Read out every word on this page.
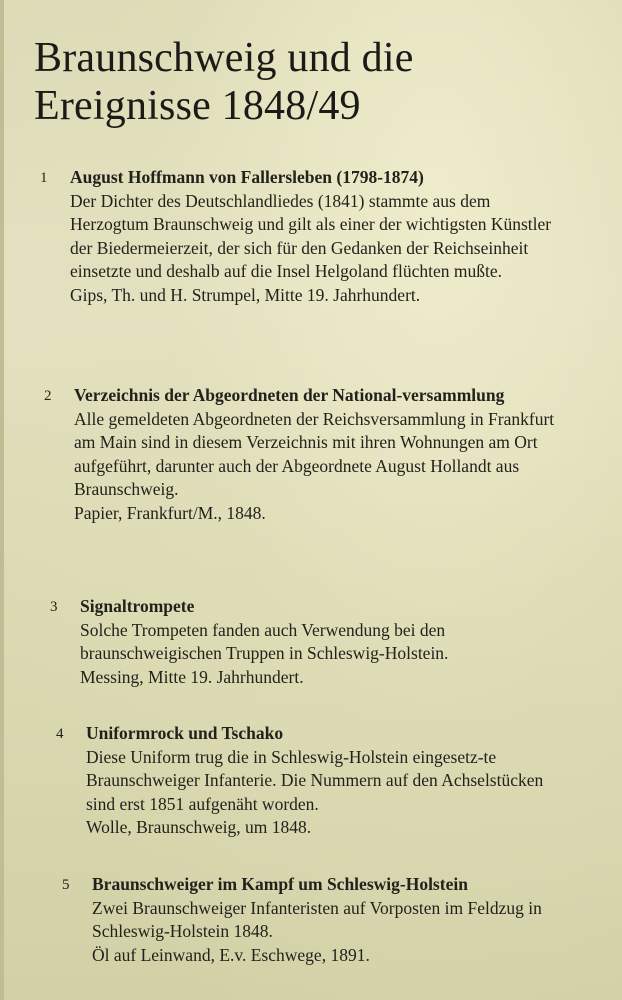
Braunschweig und die
Ereignisse 1848/49
1 August Hoffmann von Fallersleben (1798-1874)
Der Dichter des Deutschlandliedes (1841) stammte aus dem Herzogtum Braunschweig und gilt als einer der wichtigsten Künstler der Biedermeierzeit, der sich für den Gedanken der Reichseinheit einsetzte und deshalb auf die Insel Helgoland flüchten mußte.
Gips, Th. und H. Strumpel, Mitte 19. Jahrhundert.
2 Verzeichnis der Abgeordneten der National-versammlung
Alle gemeldeten Abgeordneten der Reichsversammlung in Frankfurt am Main sind in diesem Verzeichnis mit ihren Wohnungen am Ort aufgeführt, darunter auch der Abgeordnete August Hollandt aus Braunschweig.
Papier, Frankfurt/M., 1848.
3 Signaltrompete
Solche Trompeten fanden auch Verwendung bei den braunschweigischen Truppen in Schleswig-Holstein.
Messing, Mitte 19. Jahrhundert.
4 Uniformrock und Tschako
Diese Uniform trug die in Schleswig-Holstein eingesetz-te Braunschweiger Infanterie. Die Nummern auf den Achselstücken sind erst 1851 aufgenäht worden.
Wolle, Braunschweig, um 1848.
5 Braunschweiger im Kampf um Schleswig-Holstein
Zwei Braunschweiger Infanteristen auf Vorposten im Feldzug in Schleswig-Holstein 1848.
Öl auf Leinwand, E.v. Eschwege, 1891.
